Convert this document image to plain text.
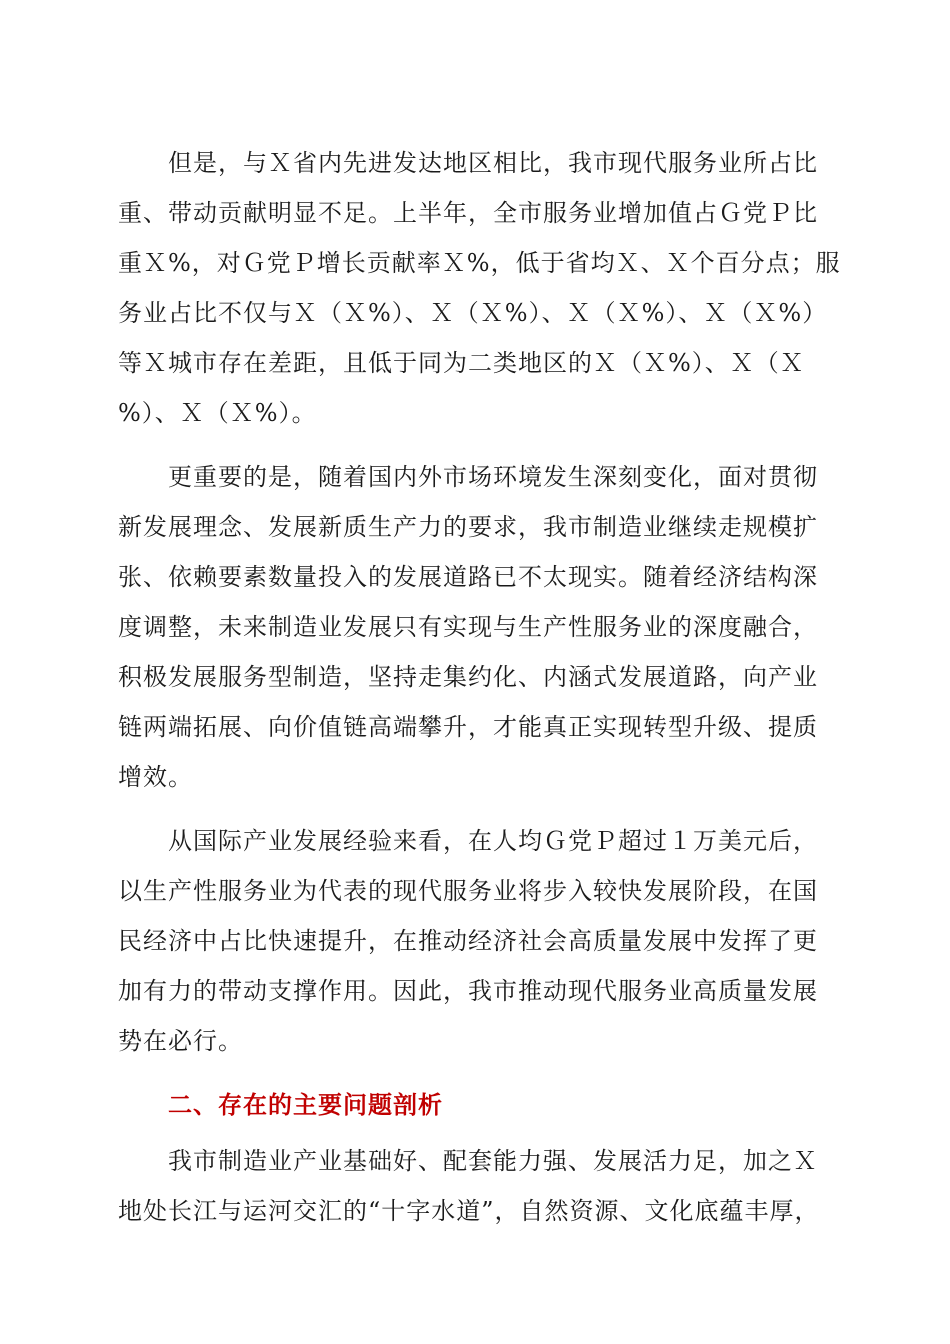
但是，与Ｘ省内先进发达地区相比，我市现代服务业所占比
重、带动贡献明显不足。上半年，全市服务业增加值占Ｇ党Ｐ比
重Ｘ%，对Ｇ党Ｐ增长贡献率Ｘ%，低于省均Ｘ、Ｘ个百分点；服
务业占比不仅与Ｘ（Ｘ%）、Ｘ（Ｘ%）、Ｘ（Ｘ%）、Ｘ（Ｘ%）
等Ｘ城市存在差距，且低于同为二类地区的Ｘ（Ｘ%）、Ｘ（Ｘ
%）、Ｘ（Ｘ%）。

更重要的是，随着国内外市场环境发生深刻变化，面对贯彻
新发展理念、发展新质生产力的要求，我市制造业继续走规模扩
张、依赖要素数量投入的发展道路已不太现实。随着经济结构深
度调整，未来制造业发展只有实现与生产性服务业的深度融合，
积极发展服务型制造，坚持走集约化、内涵式发展道路，向产业
链两端拓展、向价值链高端攀升，才能真正实现转型升级、提质
增效。

从国际产业发展经验来看，在人均Ｇ党Ｐ超过１万美元后，
以生产性服务业为代表的现代服务业将步入较快发展阶段，在国
民经济中占比快速提升，在推动经济社会高质量发展中发挥了更
加有力的带动支撑作用。因此，我市推动现代服务业高质量发展
势在必行。

二、存在的主要问题剖析

我市制造业产业基础好、配套能力强、发展活力足，加之Ｘ
地处长江与运河交汇的“十字水道”，自然资源、文化底蕴丰厚，
